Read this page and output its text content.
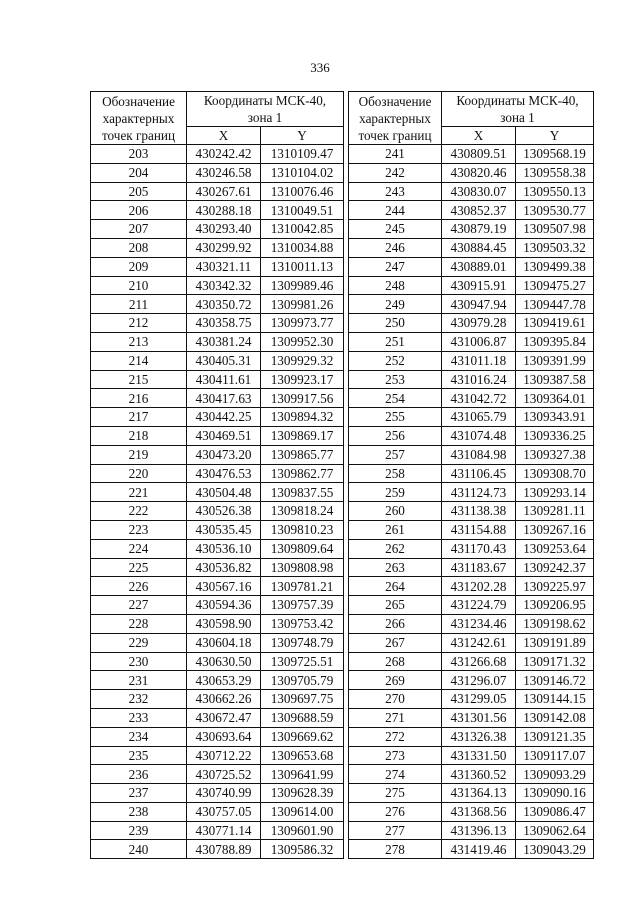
336
Обозначение
характерных
точек границ	Координаты МСК-40,	
	зона 1	
	X	Y
203	430242.42	1310109.47
204	430246.58	1310104.02
205	430267.61	1310076.46
206	430288.18	1310049.51
207	430293.40	1310042.85
208	430299.92	1310034.88
209	430321.11	1310011.13
210	430342.32	1309989.46
211	430350.72	1309981.26
212	430358.75	1309973.77
213	430381.24	1309952.30
214	430405.31	1309929.32
215	430411.61	1309923.17
216	430417.63	1309917.56
217	430442.25	1309894.32
218	430469.51	1309869.17
219	430473.20	1309865.77
220	430476.53	1309862.77
221	430504.48	1309837.55
222	430526.38	1309818.24
223	430535.45	1309810.23
224	430536.10	1309809.64
225	430536.82	1309808.98
226	430567.16	1309781.21
227	430594.36	1309757.39
228	430598.90	1309753.42
229	430604.18	1309748.79
230	430630.50	1309725.51
231	430653.29	1309705.79
232	430662.26	1309697.75
233	430672.47	1309688.59
234	430693.64	1309669.62
235	430712.22	1309653.68
236	430725.52	1309641.99
237	430740.99	1309628.39
238	430757.05	1309614.00
239	430771.14	1309601.90
240	430788.89	1309586.32
Обозначение
характерных
точек границ	Координаты МСК-40,	
	зона 1	
	X	Y
241	430809.51	1309568.19
242	430820.46	1309558.38
243	430830.07	1309550.13
244	430852.37	1309530.77
245	430879.19	1309507.98
246	430884.45	1309503.32
247	430889.01	1309499.38
248	430915.91	1309475.27
249	430947.94	1309447.78
250	430979.28	1309419.61
251	431006.87	1309395.84
252	431011.18	1309391.99
253	431016.24	1309387.58
254	431042.72	1309364.01
255	431065.79	1309343.91
256	431074.48	1309336.25
257	431084.98	1309327.38
258	431106.45	1309308.70
259	431124.73	1309293.14
260	431138.38	1309281.11
261	431154.88	1309267.16
262	431170.43	1309253.64
263	431183.67	1309242.37
264	431202.28	1309225.97
265	431224.79	1309206.95
266	431234.46	1309198.62
267	431242.61	1309191.89
268	431266.68	1309171.32
269	431296.07	1309146.72
270	431299.05	1309144.15
271	431301.56	1309142.08
272	431326.38	1309121.35
273	431331.50	1309117.07
274	431360.52	1309093.29
275	431364.13	1309090.16
276	431368.56	1309086.47
277	431396.13	1309062.64
278	431419.46	1309043.29
